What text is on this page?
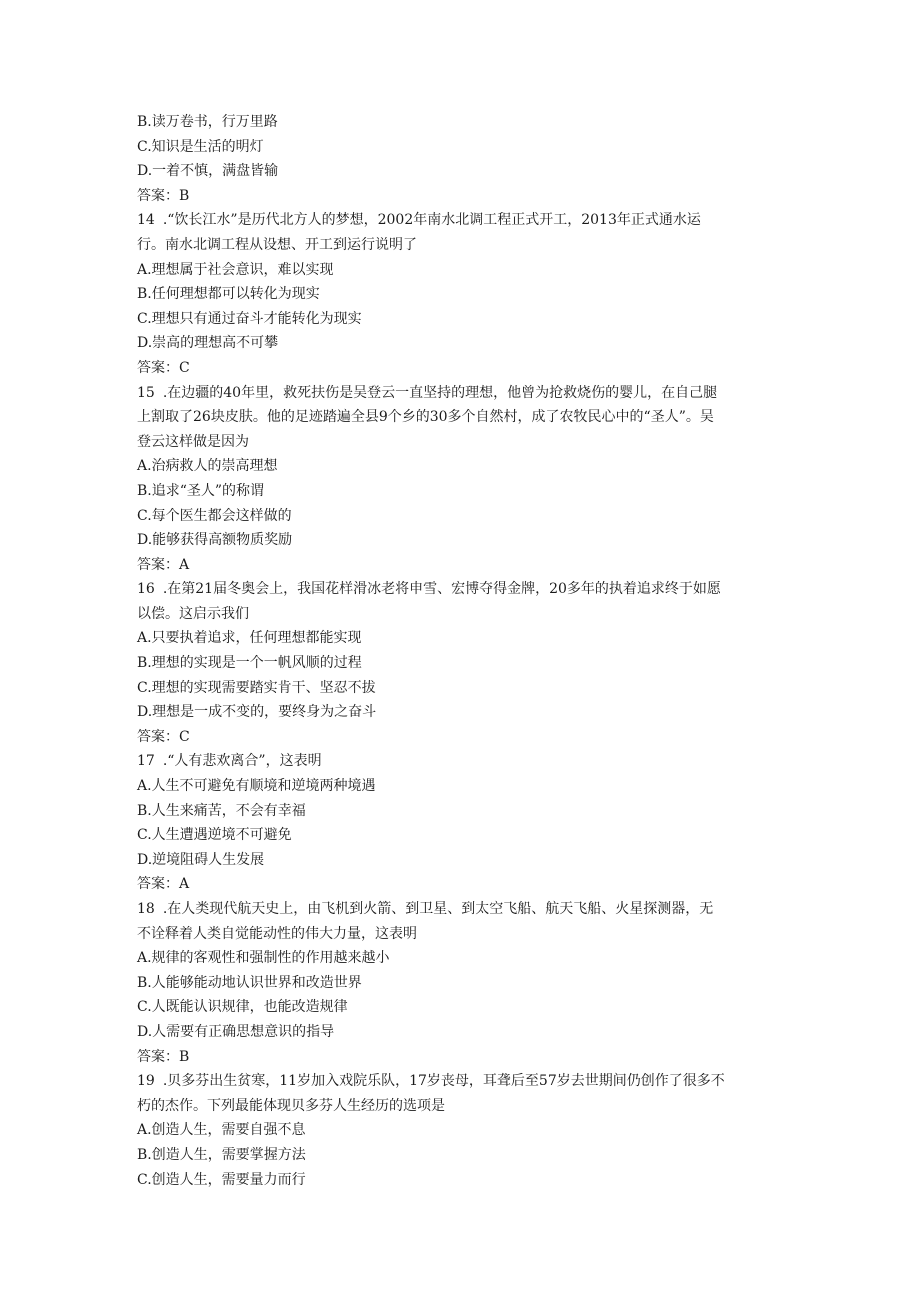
B.读万卷书，行万里路
C.知识是生活的明灯
D.一着不慎，满盘皆输
答案：B
14 .“饮长江水”是历代北方人的梦想，2002年南水北调工程正式开工，2013年正式通水运
行。南水北调工程从设想、开工到运行说明了
A.理想属于社会意识，难以实现
B.任何理想都可以转化为现实
C.理想只有通过奋斗才能转化为现实
D.崇高的理想高不可攀
答案：C
15 .在边疆的40年里，救死扶伤是吴登云一直坚持的理想，他曾为抢救烧伤的婴儿，在自己腿
上割取了26块皮肤。他的足迹踏遍全县9个乡的30多个自然村，成了农牧民心中的“圣人”。吴
登云这样做是因为
A.治病救人的崇高理想
B.追求“圣人”的称谓
C.每个医生都会这样做的
D.能够获得高额物质奖励
答案：A
16 .在第21届冬奥会上，我国花样滑冰老将申雪、宏博夺得金牌，20多年的执着追求终于如愿
以偿。这启示我们
A.只要执着追求，任何理想都能实现
B.理想的实现是一个一帆风顺的过程
C.理想的实现需要踏实肯干、坚忍不拔
D.理想是一成不变的，要终身为之奋斗
答案：C
17 .“人有悲欢离合”，这表明
A.人生不可避免有顺境和逆境两种境遇
B.人生来痛苦，不会有幸福
C.人生遭遇逆境不可避免
D.逆境阻碍人生发展
答案：A
18 .在人类现代航天史上，由飞机到火箭、到卫星、到太空飞船、航天飞船、火星探测器，无
不诠释着人类自觉能动性的伟大力量，这表明
A.规律的客观性和强制性的作用越来越小
B.人能够能动地认识世界和改造世界
C.人既能认识规律，也能改造规律
D.人需要有正确思想意识的指导
答案：B
19 .贝多芬出生贫寒，11岁加入戏院乐队，17岁丧母，耳聋后至57岁去世期间仍创作了很多不
朽的杰作。下列最能体现贝多芬人生经历的选项是
A.创造人生，需要自强不息
B.创造人生，需要掌握方法
C.创造人生，需要量力而行
